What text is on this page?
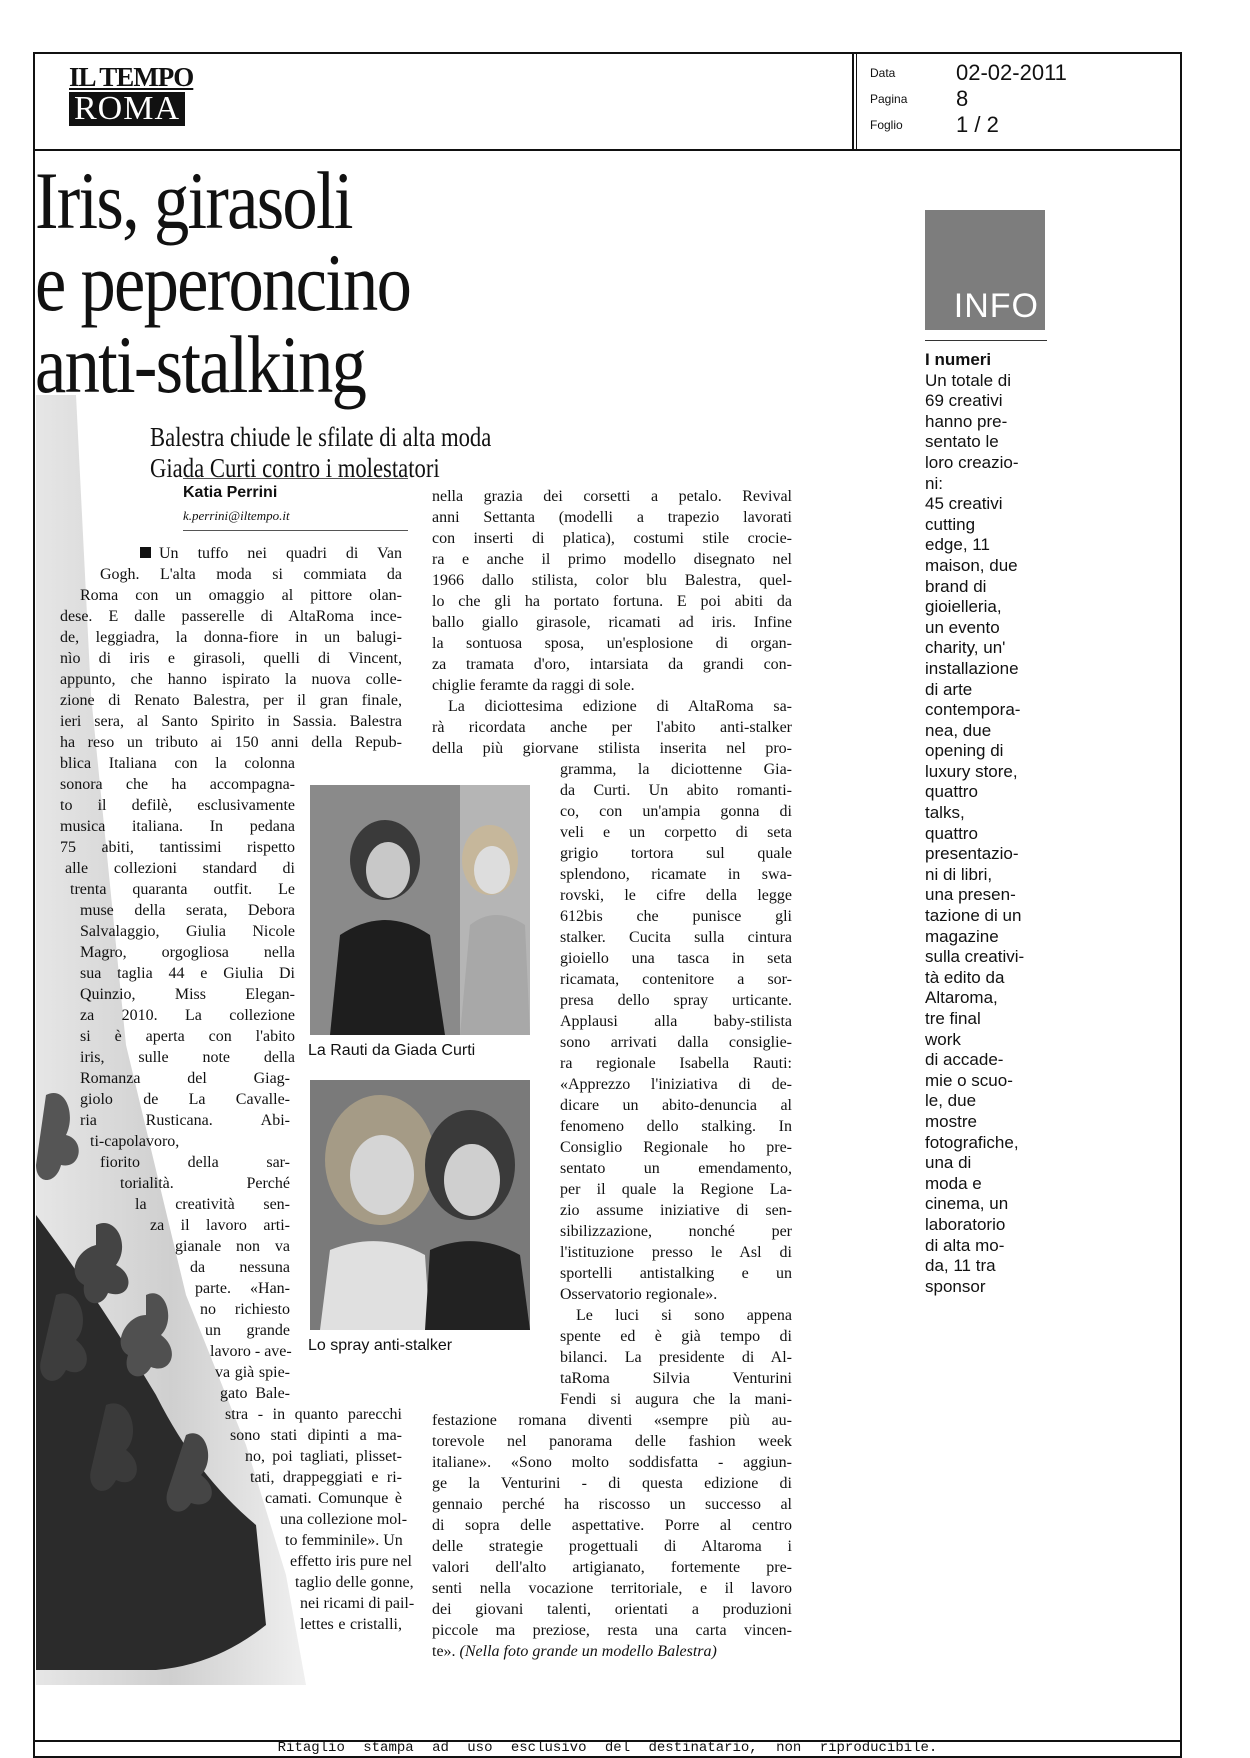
IL TEMPO
ROMA
Data	02-02-2011
Pagina	8
Foglio	1 / 2
Iris, girasoli
e peperoncino
anti-stalking
Balestra chiude le sfilate di alta moda
Giada Curti contro i molestatori
Katia Perrini
k.perrini@iltempo.it
Un tuffo nei quadri di Van
Gogh. L'alta moda si commiata da
Roma con un omaggio al pittore olan-
dese. E dalle passerelle di AltaRoma ince-
de, leggiadra, la donna-fiore in un balugi-
nìo di iris e girasoli, quelli di Vincent,
appunto, che hanno ispirato la nuova colle-
zione di Renato Balestra, per il gran finale,
ieri sera, al Santo Spirito in Sassia. Balestra
ha reso un tributo ai 150 anni della Repub-
blica Italiana con la colonna
sonora che ha accompagna-
to il defilè, esclusivamente
musica italiana. In pedana
75 abiti, tantissimi rispetto
alle collezioni standard di
trenta quaranta outfit. Le
muse della serata, Debora
Salvalaggio, Giulia Nicole
Magro, orgogliosa nella
sua taglia 44 e Giulia Di
Quinzio, Miss Elegan-
za 2010. La collezione
si è aperta con l'abito
iris, sulle note della
Romanza del Giag-
giolo de La Cavalle-
ria Rusticana. Abi-
ti-capolavoro,
fiorito della sar-
torialità. Perché
la creatività sen-
za il lavoro arti-
gianale non va
da nessuna
parte. «Han-
no richiesto
un grande
lavoro - ave-
va già spie-
gato Bale-
stra - in quanto parecchi
sono stati dipinti a ma-
no, poi tagliati, plisset-
tati, drappeggiati e ri-
camati. Comunque è
una collezione mol-
to femminile». Un
effetto iris pure nel
taglio delle gonne,
nei ricami di pail-
lettes e cristalli,
nella grazia dei corsetti a petalo. Revival
anni Settanta (modelli a trapezio lavorati
con inserti di platica), costumi stile crocie-
ra e anche il primo modello disegnato nel
1966 dallo stilista, color blu Balestra, quel-
lo che gli ha portato fortuna. E poi abiti da
ballo giallo girasole, ricamati ad iris. Infine
la sontuosa sposa, un'esplosione di organ-
za tramata d'oro, intarsiata da grandi con-
chiglie feramte da raggi di sole.
La diciottesima edizione di AltaRoma sa-
rà ricordata anche per l'abito anti-stalker
della più giorvane stilista inserita nel pro-
La Rauti da Giada Curti
Lo spray anti-stalker
gramma, la diciottenne Gia-
da Curti. Un abito romanti-
co, con un'ampia gonna di
veli e un corpetto di seta
grigio tortora sul quale
splendono, ricamate in swa-
rovski, le cifre della legge
612bis che punisce gli
stalker. Cucita sulla cintura
gioiello una tasca in seta
ricamata, contenitore a sor-
presa dello spray urticante.
Applausi alla baby-stilista
sono arrivati dalla consiglie-
ra regionale Isabella Rauti:
«Apprezzo l'iniziativa di de-
dicare un abito-denuncia al
fenomeno dello stalking. In
Consiglio Regionale ho pre-
sentato un emendamento,
per il quale la Regione La-
zio assume iniziative di sen-
sibilizzazione, nonché per
l'istituzione presso le Asl di
sportelli antistalking e un
Osservatorio regionale».
Le luci si sono appena
spente ed è già tempo di
bilanci. La presidente di Al-
taRoma Silvia Venturini
Fendi si augura che la mani-
festazione romana diventi «sempre più au-
torevole nel panorama delle fashion week
italiane». «Sono molto soddisfatta - aggiun-
ge la Venturini - di questa edizione di
gennaio perché ha riscosso un successo al
di sopra delle aspettative. Porre al centro
delle strategie progettuali di Altaroma i
valori dell'alto artigianato, fortemente pre-
senti nella vocazione territoriale, e il lavoro
dei giovani talenti, orientati a produzioni
piccole ma preziose, resta una carta vincen-
te». (Nella foto grande un modello Balestra)
INFO
I numeri
Un totale di
69 creativi
hanno pre-
sentato le
loro creazio-
ni:
45 creativi
cutting
edge, 11
maison, due
brand di
gioielleria,
un evento
charity, un'
installazione
di arte
contempora-
nea, due
opening di
luxury store,
quattro
talks,
quattro
presentazio-
ni di libri,
una presen-
tazione di un
magazine
sulla creativi-
tà edito da
Altaroma,
tre final
work
di accade-
mie o scuo-
le, due
mostre
fotografiche,
una di
moda e
cinema, un
laboratorio
di alta mo-
da, 11 tra
sponsor
Ritaglio stampa ad uso esclusivo del destinatario, non riproducibile.
